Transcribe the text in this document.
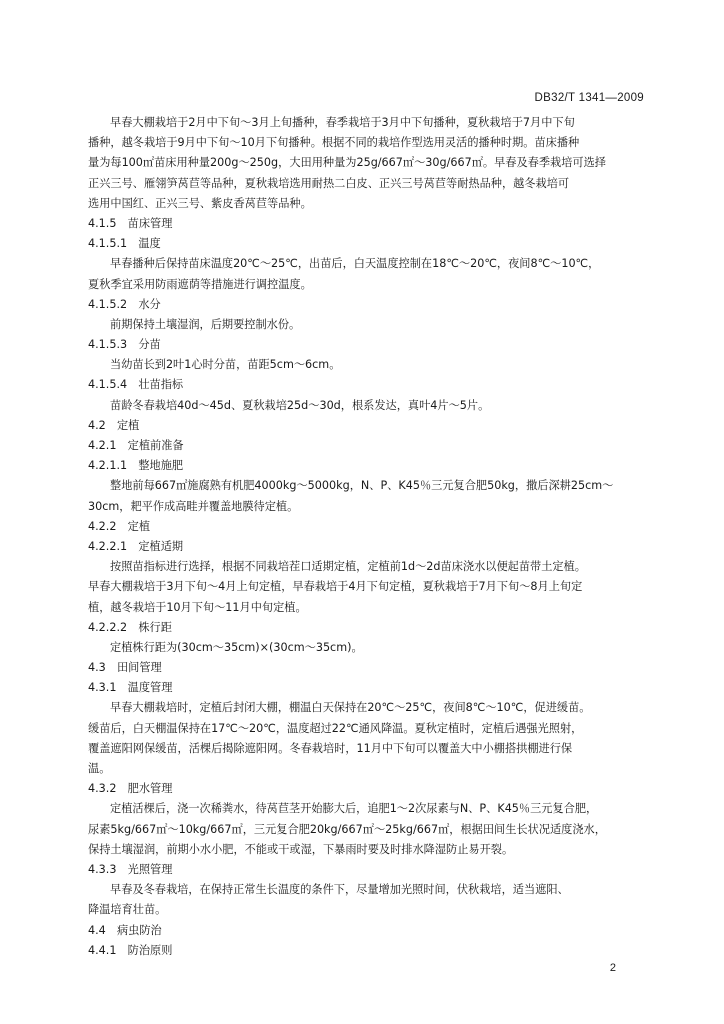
DB32/T 1341—2009
早春大棚栽培于2月中下旬～3月上旬播种，春季栽培于3月中下旬播种，夏秋栽培于7月中下旬
播种，越冬栽培于9月中下旬～10月下旬播种。根据不同的栽培作型选用灵活的播种时期。苗床播种
量为每100㎡苗床用种量200g～250g，大田用种量为25g/667㎡～30g/667㎡。早春及春季栽培可选择
正兴三号、雁翎笋莴苣等品种，夏秋栽培选用耐热二白皮、正兴三号莴苣等耐热品种，越冬栽培可
选用中国红、正兴三号、紫皮香莴苣等品种。
4.1.5　苗床管理
4.1.5.1　温度
早春播种后保持苗床温度20℃～25℃，出苗后，白天温度控制在18℃～20℃，夜间8℃～10℃，
夏秋季宜采用防雨遮荫等措施进行调控温度。
4.1.5.2　水分
前期保持土壤湿润，后期要控制水份。
4.1.5.3　分苗
当幼苗长到2叶1心时分苗，苗距5cm～6cm。
4.1.5.4　壮苗指标
苗龄冬春栽培40d～45d、夏秋栽培25d～30d，根系发达，真叶4片～5片。
4.2　定植
4.2.1　定植前准备
4.2.1.1　整地施肥
整地前每667㎡施腐熟有机肥4000kg～5000kg，N、P、K45％三元复合肥50kg，撒后深耕25cm～
30cm，耙平作成高畦并覆盖地膜待定植。
4.2.2　定植
4.2.2.1　定植适期
按照苗指标进行选择，根据不同栽培茬口适期定植，定植前1d～2d苗床浇水以便起苗带土定植。
早春大棚栽培于3月下旬～4月上旬定植，早春栽培于4月下旬定植，夏秋栽培于7月下旬～8月上旬定
植，越冬栽培于10月下旬～11月中旬定植。
4.2.2.2　株行距
定植株行距为(30cm～35cm)×(30cm～35cm)。
4.3　田间管理
4.3.1　温度管理
早春大棚栽培时，定植后封闭大棚，棚温白天保持在20℃～25℃，夜间8℃～10℃，促进缓苗。
缓苗后，白天棚温保持在17℃～20℃，温度超过22℃通风降温。夏秋定植时，定植后遇强光照射，
覆盖遮阳网保缓苗，活棵后揭除遮阳网。冬春栽培时，11月中下旬可以覆盖大中小棚搭拱棚进行保
温。
4.3.2　肥水管理
定植活棵后，浇一次稀粪水，待莴苣茎开始膨大后，追肥1～2次尿素与N、P、K45％三元复合肥，
尿素5kg/667㎡～10kg/667㎡，三元复合肥20kg/667㎡～25kg/667㎡，根据田间生长状况适度浇水，
保持土壤湿润，前期小水小肥，不能或干或湿，下暴雨时要及时排水降湿防止易开裂。
4.3.3　光照管理
早春及冬春栽培，在保持正常生长温度的条件下，尽量增加光照时间，伏秋栽培，适当遮阳、
降温培育壮苗。
4.4　病虫防治
4.4.1　防治原则
2
